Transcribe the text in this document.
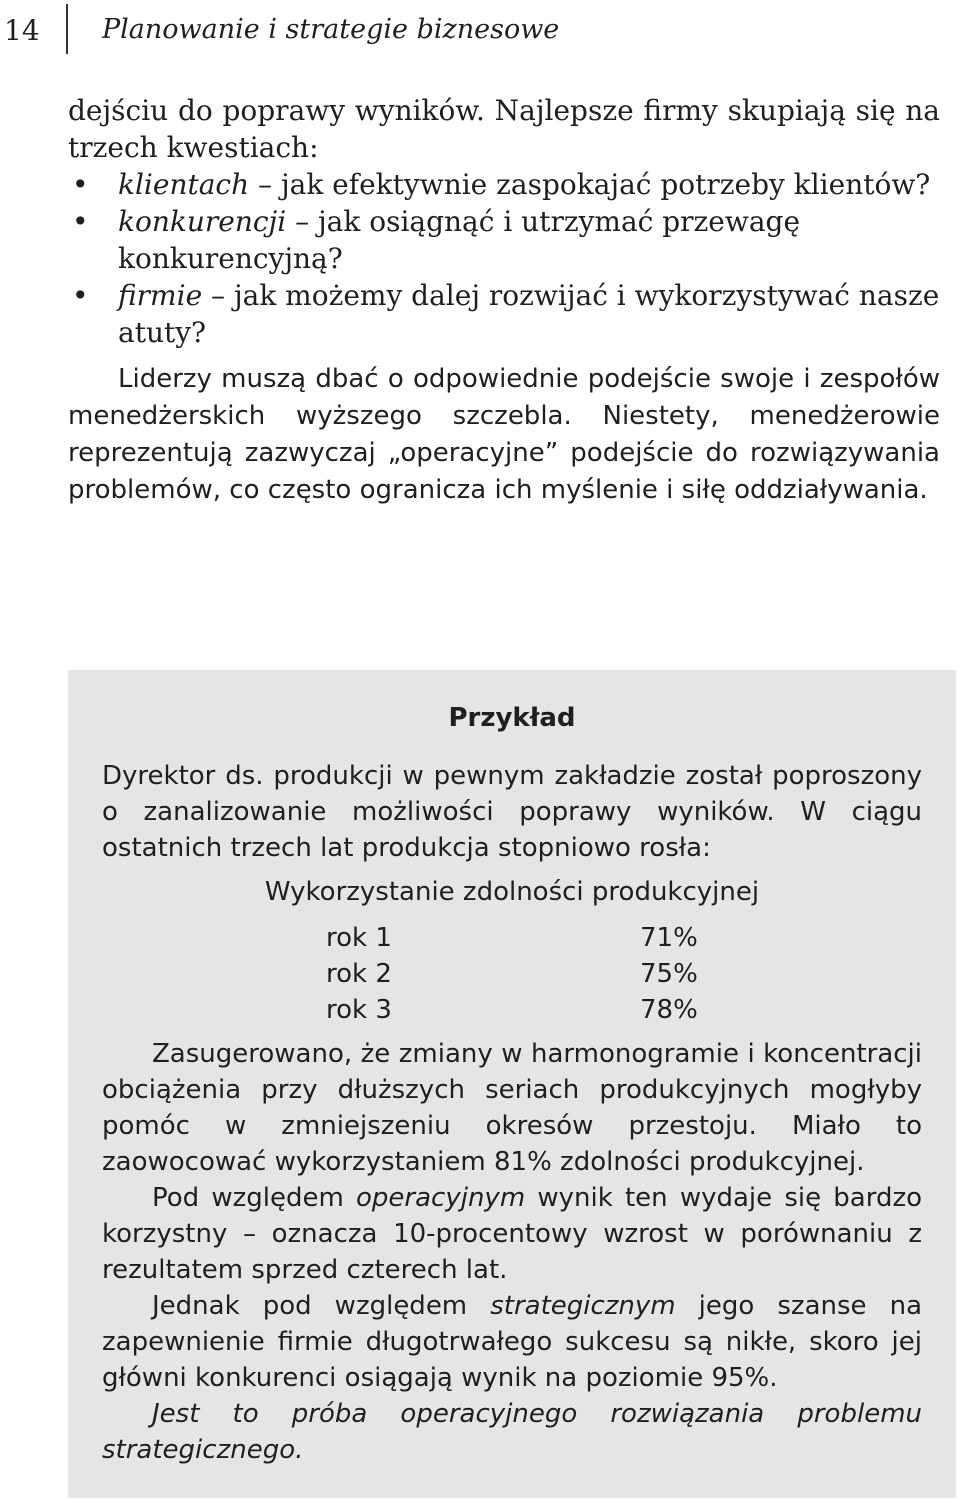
14 Planowanie i strategie biznesowe

dejściu do poprawy wyników. Najlepsze firmy skupiają się na trzech kwestiach:

• klientach – jak efektywnie zaspokajać potrzeby klientów?
• konkurencji – jak osiągnąć i utrzymać przewagę konkurencyjną?
• firmie – jak możemy dalej rozwijać i wykorzystywać nasze atuty?

Liderzy muszą dbać o odpowiednie podejście swoje i zespołów menedżerskich wyższego szczebla. Niestety, menedżerowie reprezentują zazwyczaj „operacyjne” podejście do rozwiązywania problemów, co często ogranicza ich myślenie i siłę oddziaływania.

Przykład

Dyrektor ds. produkcji w pewnym zakładzie został poproszony o zanalizowanie możliwości poprawy wyników. W ciągu ostatnich trzech lat produkcja stopniowo rosła:

Wykorzystanie zdolności produkcyjnej

rok 1	71%
rok 2	75%
rok 3	78%

Zasugerowano, że zmiany w harmonogramie i koncentracji obciążenia przy dłuższych seriach produkcyjnych mogłyby pomóc w zmniejszeniu okresów przestoju. Miało to zaowocować wykorzystaniem 81% zdolności produkcyjnej.

Pod względem operacyjnym wynik ten wydaje się bardzo korzystny – oznacza 10-procentowy wzrost w porównaniu z rezultatem sprzed czterech lat.

Jednak pod względem strategicznym jego szanse na zapewnienie firmie długotrwałego sukcesu są nikłe, skoro jej główni konkurenci osiągają wynik na poziomie 95%.

Jest to próba operacyjnego rozwiązania problemu strategicznego.
